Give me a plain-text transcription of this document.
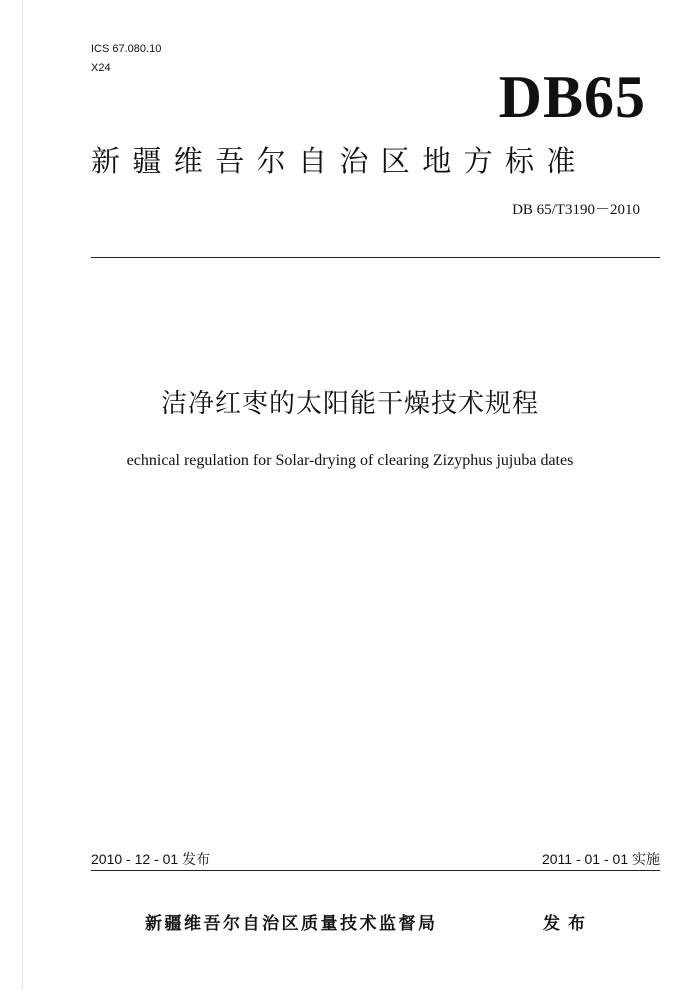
ICS 67.080.10
X24	DB65
新疆维吾尔自治区地方标准
DB 65/T3190－2010
洁净红枣的太阳能干燥技术规程
echnical regulation for Solar-drying of clearing Zizyphus jujuba dates
2010 - 12 - 01 发布	2011 - 01 - 01 实施
新疆维吾尔自治区质量技术监督局	发布
